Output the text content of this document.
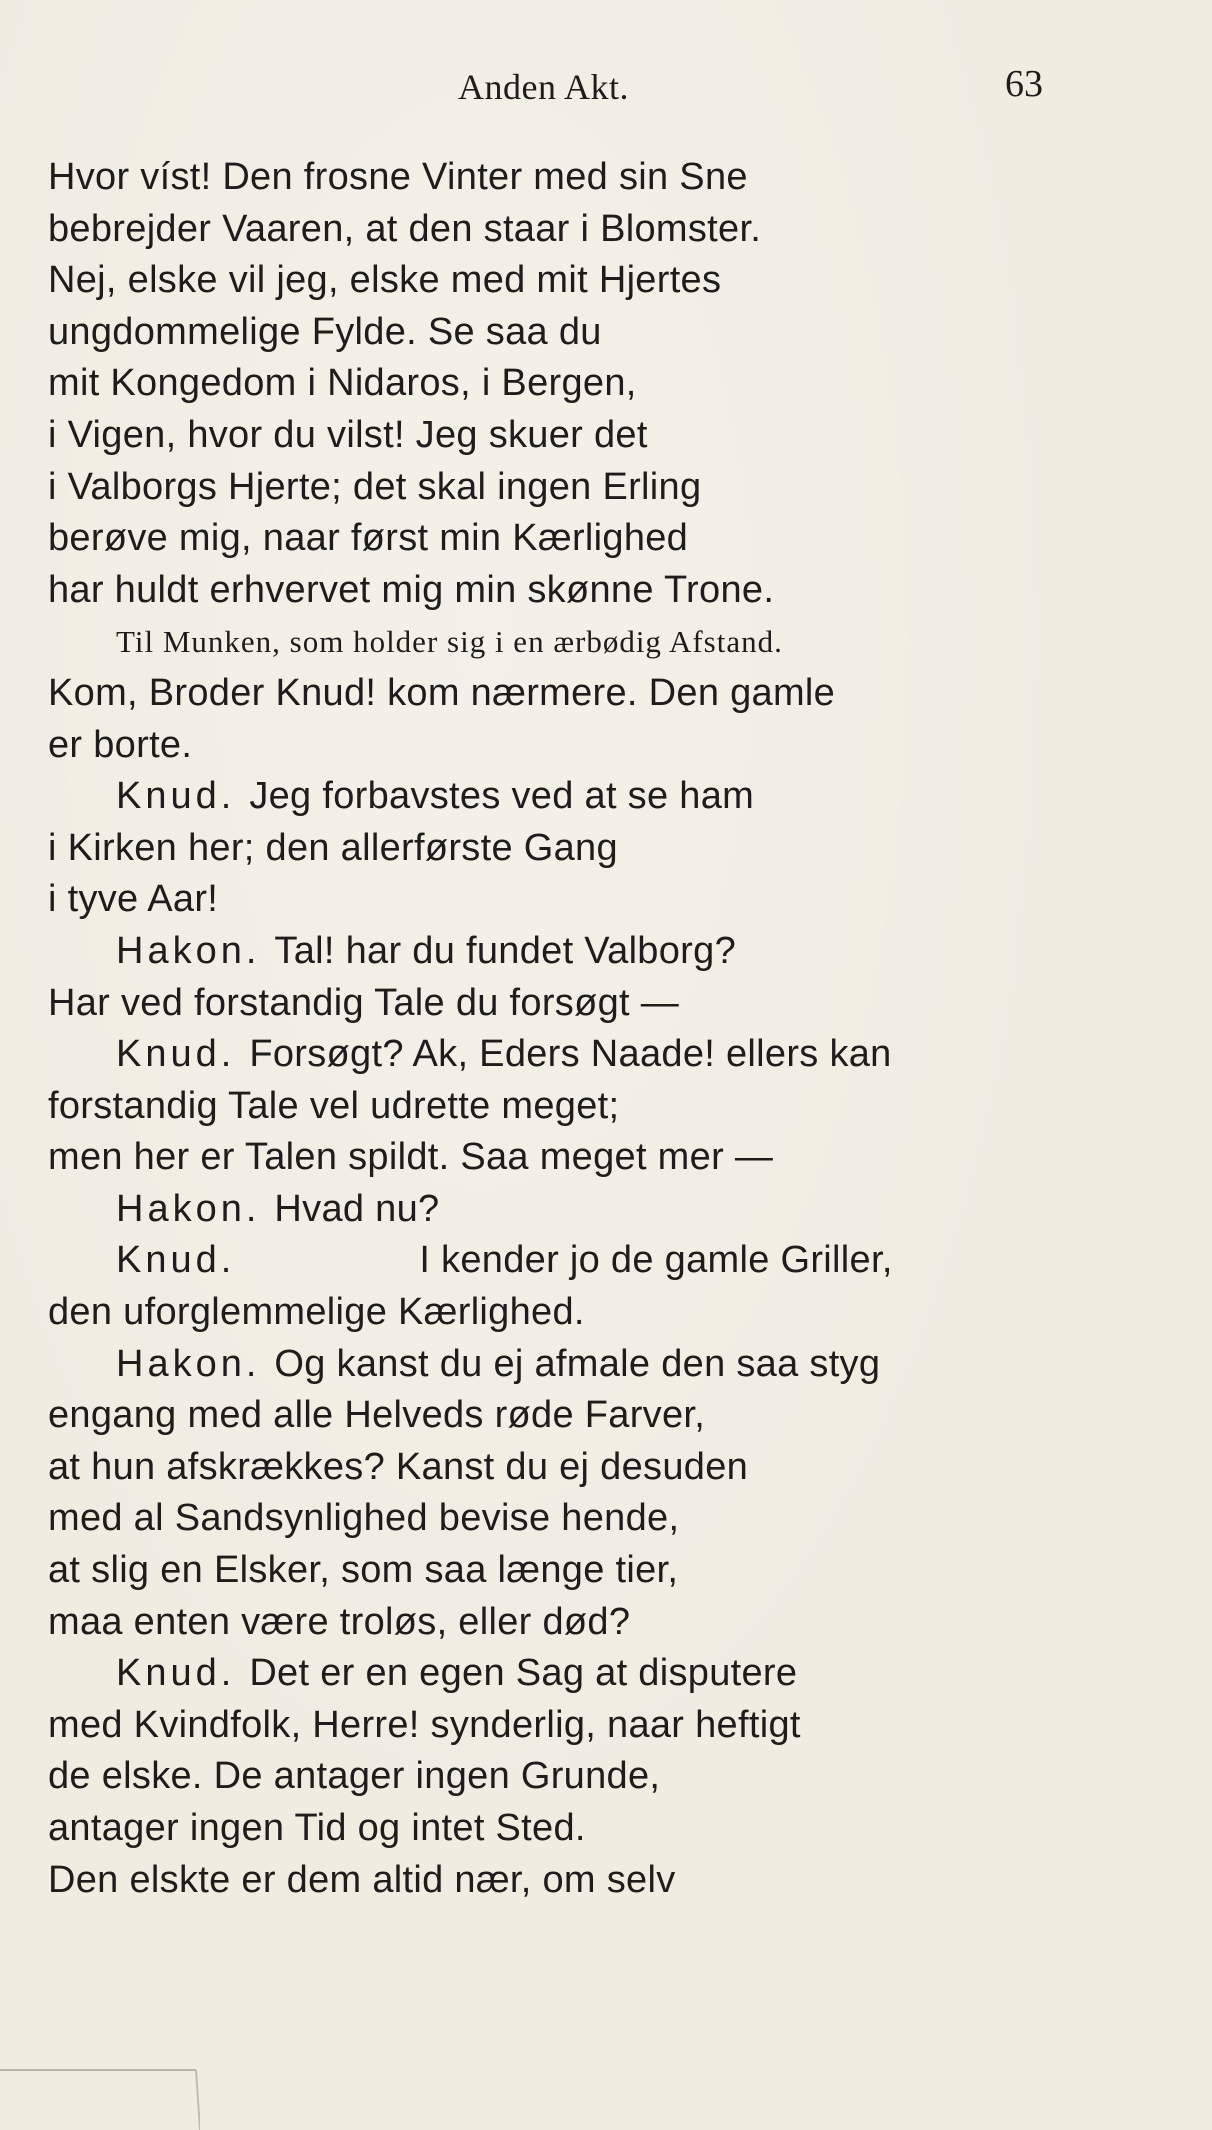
Anden Akt.	63
Hvor víst! Den frosne Vinter med sin Sne
bebrejder Vaaren, at den staar i Blomster.
Nej, elske vil jeg, elske med mit Hjertes
ungdommelige Fylde. Se saa du
mit Kongedom i Nidaros, i Bergen,
i Vigen, hvor du vilst! Jeg skuer det
i Valborgs Hjerte; det skal ingen Erling
berøve mig, naar først min Kærlighed
har huldt erhvervet mig min skønne Trone.
Til Munken, som holder sig i en ærbødig Afstand.
Kom, Broder Knud! kom nærmere. Den gamle
er borte.
Knud. Jeg forbavstes ved at se ham
i Kirken her; den allerførste Gang
i tyve Aar!
Hakon. Tal! har du fundet Valborg?
Har ved forstandig Tale du forsøgt —
Knud. Forsøgt? Ak, Eders Naade! ellers kan
forstandig Tale vel udrette meget;
men her er Talen spildt. Saa meget mer —
Hakon. Hvad nu?
Knud.	I kender jo de gamle Griller,
den uforglemmelige Kærlighed.
Hakon. Og kanst du ej afmale den saa styg
engang med alle Helveds røde Farver,
at hun afskrækkes? Kanst du ej desuden
med al Sandsynlighed bevise hende,
at slig en Elsker, som saa længe tier,
maa enten være troløs, eller død?
Knud. Det er en egen Sag at disputere
med Kvindfolk, Herre! synderlig, naar heftigt
de elske. De antager ingen Grunde,
antager ingen Tid og intet Sted.
Den elskte er dem altid nær, om selv
